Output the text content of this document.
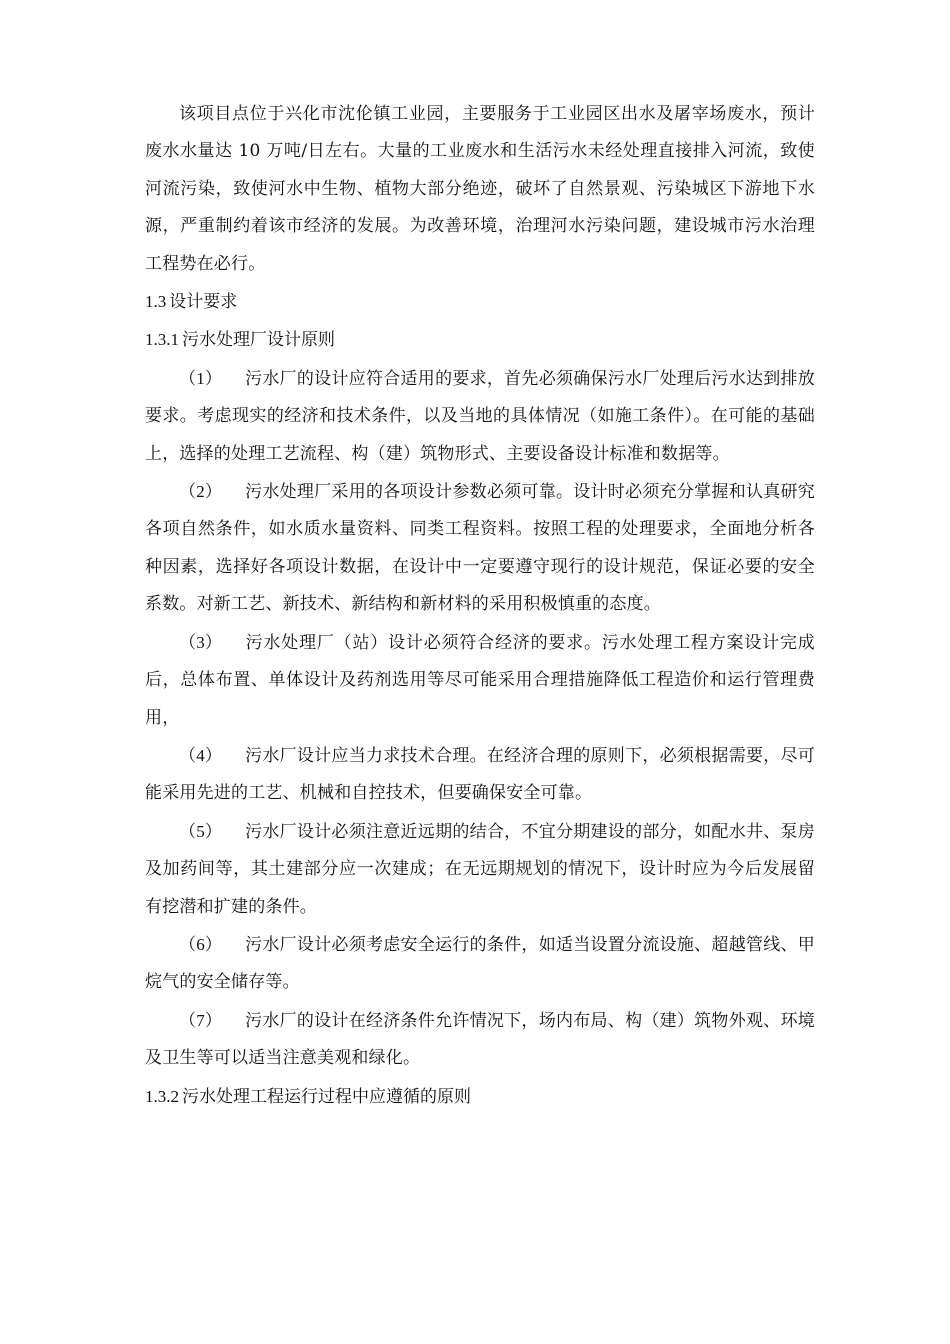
该项目点位于兴化市沈伦镇工业园，主要服务于工业园区出水及屠宰场废水，预计废水水量达 10 万吨/日左右。大量的工业废水和生活污水未经处理直接排入河流，致使河流污染，致使河水中生物、植物大部分绝迹，破坏了自然景观、污染城区下游地下水源，严重制约着该市经济的发展。为改善环境，治理河水污染问题，建设城市污水治理工程势在必行。

1.3 设计要求
1.3.1 污水处理厂设计原则

（1） 污水厂的设计应符合适用的要求，首先必须确保污水厂处理后污水达到排放要求。考虑现实的经济和技术条件，以及当地的具体情况（如施工条件）。在可能的基础上，选择的处理工艺流程、构（建）筑物形式、主要设备设计标准和数据等。

（2） 污水处理厂采用的各项设计参数必须可靠。设计时必须充分掌握和认真研究各项自然条件，如水质水量资料、同类工程资料。按照工程的处理要求，全面地分析各种因素，选择好各项设计数据，在设计中一定要遵守现行的设计规范，保证必要的安全系数。对新工艺、新技术、新结构和新材料的采用积极慎重的态度。

（3） 污水处理厂（站）设计必须符合经济的要求。污水处理工程方案设计完成后，总体布置、单体设计及药剂选用等尽可能采用合理措施降低工程造价和运行管理费用，

（4） 污水厂设计应当力求技术合理。在经济合理的原则下，必须根据需要，尽可能采用先进的工艺、机械和自控技术，但要确保安全可靠。

（5） 污水厂设计必须注意近远期的结合，不宜分期建设的部分，如配水井、泵房及加药间等，其土建部分应一次建成；在无远期规划的情况下，设计时应为今后发展留有挖潜和扩建的条件。

（6） 污水厂设计必须考虑安全运行的条件，如适当设置分流设施、超越管线、甲烷气的安全储存等。

（7） 污水厂的设计在经济条件允许情况下，场内布局、构（建）筑物外观、环境及卫生等可以适当注意美观和绿化。

1.3.2 污水处理工程运行过程中应遵循的原则
